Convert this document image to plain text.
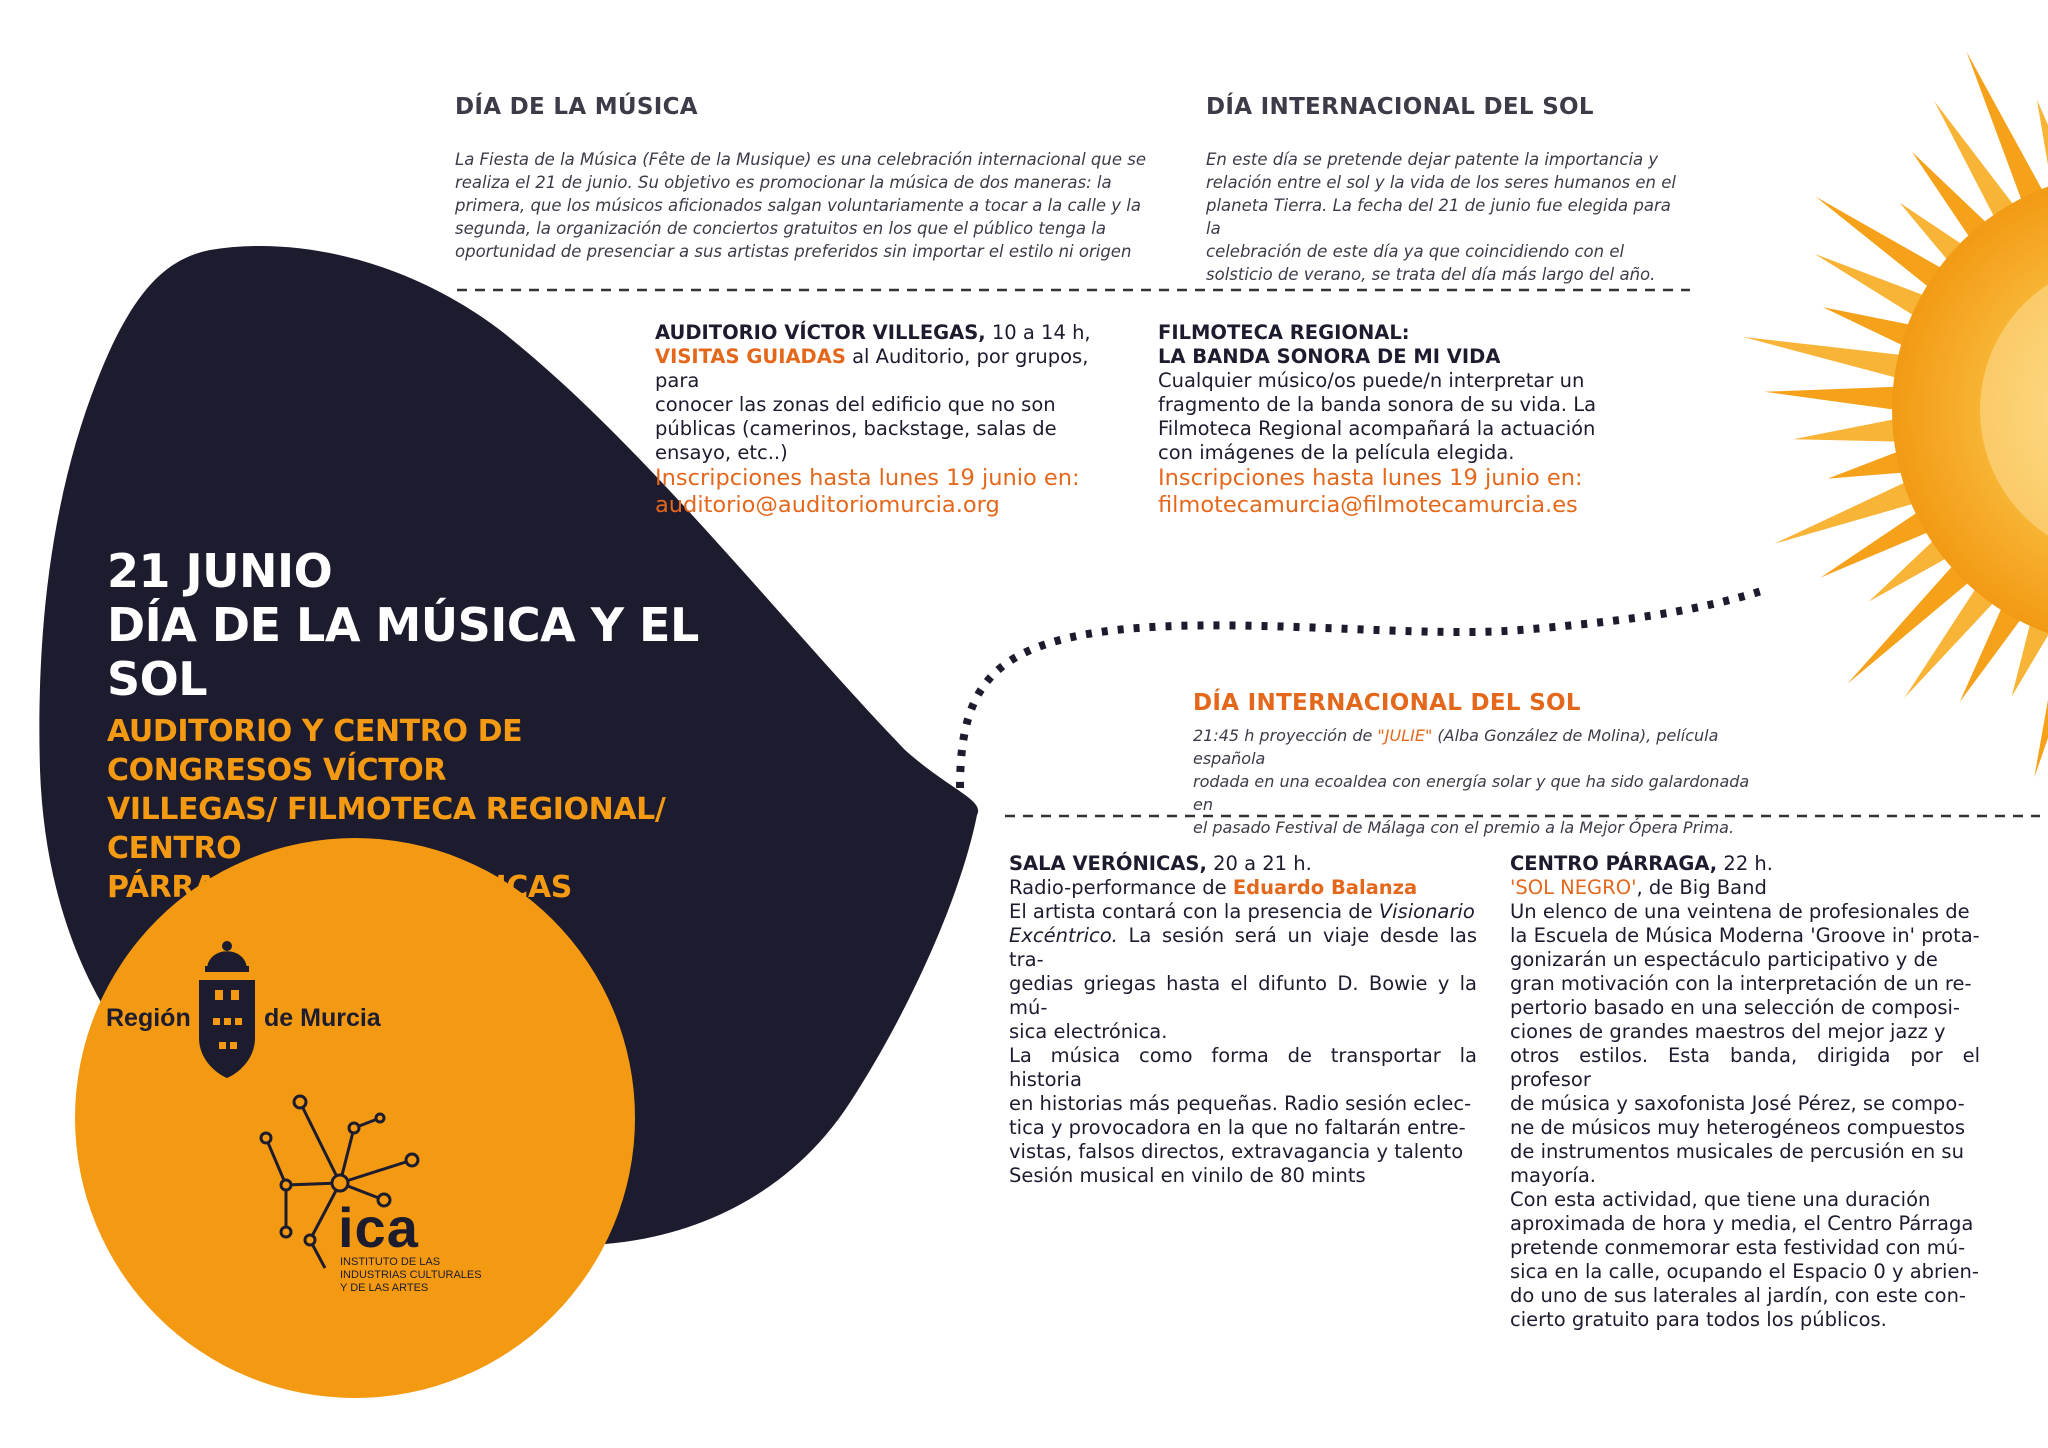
DÍA DE LA MÚSICA
La Fiesta de la Música (Fête de la Musique) es una celebración internacional que se
realiza el 21 de junio. Su objetivo es promocionar la música de dos maneras: la
primera, que los músicos aficionados salgan voluntariamente a tocar a la calle y la
segunda, la organización de conciertos gratuitos en los que el público tenga la
oportunidad de presenciar a sus artistas preferidos sin importar el estilo ni origen
DÍA INTERNACIONAL DEL SOL
En este día se pretende dejar patente la importancia y
relación entre el sol y la vida de los seres humanos en el
planeta Tierra. La fecha del 21 de junio fue elegida para la
celebración de este día ya que coincidiendo con el
solsticio de verano, se trata del día más largo del año.
AUDITORIO VÍCTOR VILLEGAS, 10 a 14 h,
VISITAS GUIADAS al Auditorio, por grupos, para
conocer las zonas del edificio que no son
públicas (camerinos, backstage, salas de
ensayo, etc..)
Inscripciones hasta lunes 19 junio en:
auditorio@auditoriomurcia.org
FILMOTECA REGIONAL:
LA BANDA SONORA DE MI VIDA
Cualquier músico/os puede/n interpretar un
fragmento de la banda sonora de su vida. La
Filmoteca Regional acompañará la actuación
con imágenes de la película elegida.
Inscripciones hasta lunes 19 junio en:
filmotecamurcia@filmotecamurcia.es
21 JUNIO
DÍA DE LA MÚSICA Y EL SOL
AUDITORIO Y CENTRO DE CONGRESOS VÍCTOR
VILLEGAS/ FILMOTECA REGIONAL/ CENTRO
PÁRRAGA/ SALA VERÓNICAS
DÍA INTERNACIONAL DEL SOL
21:45 h proyección de "JULIE" (Alba González de Molina), película española
rodada en una ecoaldea con energía solar y que ha sido galardonada en
el pasado Festival de Málaga con el premio a la Mejor Ópera Prima.
SALA VERÓNICAS, 20 a 21 h.
Radio-performance de Eduardo Balanza
El artista contará con la presencia de Visionario
Excéntrico. La sesión será un viaje desde las tra-
gedias griegas hasta el difunto D. Bowie y la mú-
sica electrónica.
La música como forma de transportar la historia
en historias más pequeñas. Radio sesión eclec-
tica y provocadora en la que no faltarán entre-
vistas, falsos directos, extravagancia y talento
Sesión musical en vinilo de 80 mints
CENTRO PÁRRAGA, 22 h.
'SOL NEGRO', de Big Band
Un elenco de una veintena de profesionales de
la Escuela de Música Moderna 'Groove in' prota-
gonizarán un espectáculo participativo y de
gran motivación con la interpretación de un re-
pertorio basado en una selección de composi-
ciones de grandes maestros del mejor jazz y
otros estilos. Esta banda, dirigida por el profesor
de música y saxofonista José Pérez, se compo-
ne de músicos muy heterogéneos compuestos
de instrumentos musicales de percusión en su
mayoría.
Con esta actividad, que tiene una duración
aproximada de hora y media, el Centro Párraga
pretende conmemorar esta festividad con mú-
sica en la calle, ocupando el Espacio 0 y abrien-
do uno de sus laterales al jardín, con este con-
cierto gratuito para todos los públicos.
Región	de Murcia
ica
INSTITUTO DE LAS
INDUSTRIAS CULTURALES
Y DE LAS ARTES
